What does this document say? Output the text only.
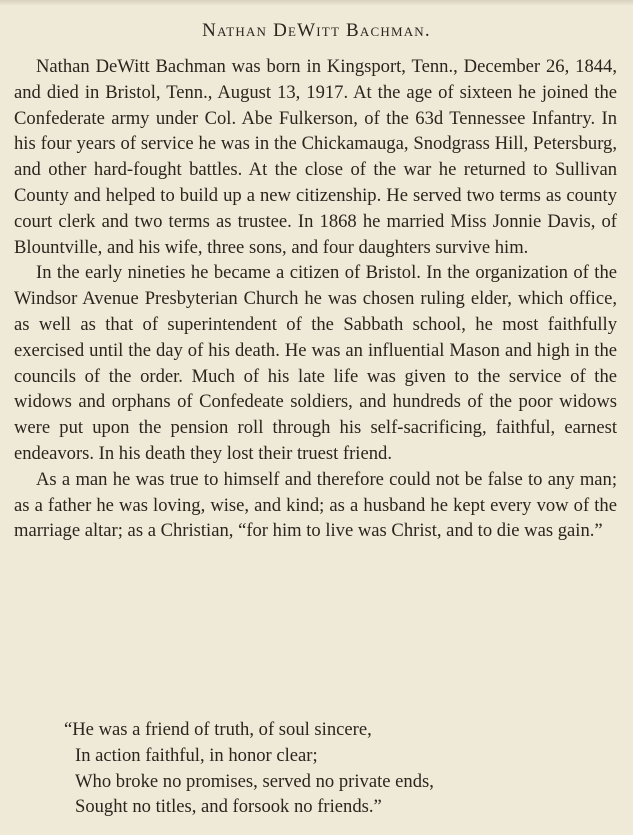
Nathan DeWitt Bachman.

Nathan DeWitt Bachman was born in Kingsport, Tenn., December 26, 1844, and died in Bristol, Tenn., August 13, 1917. At the age of sixteen he joined the Confederate army under Col. Abe Fulkerson, of the 63d Tennessee Infantry. In his four years of service he was in the Chickamauga, Snodgrass Hill, Petersburg, and other hard-fought battles. At the close of the war he returned to Sullivan County and helped to build up a new citizenship. He served two terms as county court clerk and two terms as trustee. In 1868 he married Miss Jonnie Davis, of Blountville, and his wife, three sons, and four daughters survive him.

In the early nineties he became a citizen of Bristol. In the organization of the Windsor Avenue Presbyterian Church he was chosen ruling elder, which office, as well as that of superintendent of the Sabbath school, he most faithfully exercised until the day of his death. He was an influential Mason and high in the councils of the order. Much of his late life was given to the service of the widows and orphans of Confedeate soldiers, and hundreds of the poor widows were put upon the pension roll through his self-sacrificing, faithful, earnest endeavors. In his death they lost their truest friend.

As a man he was true to himself and therefore could not be false to any man; as a father he was loving, wise, and kind; as a husband he kept every vow of the marriage altar; as a Christian, “for him to live was Christ, and to die was gain.”

“He was a friend of truth, of soul sincere,
In action faithful, in honor clear;
Who broke no promises, served no private ends,
Sought no titles, and forsook no friends.”
